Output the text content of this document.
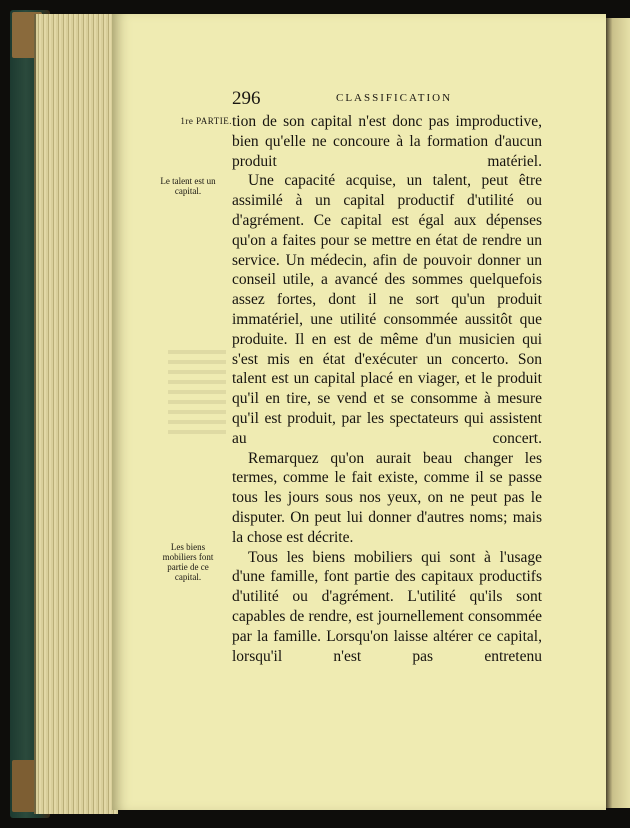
296	CLASSIFICATION
1re PARTIE.
Le talent est un capital.
Les biens mobiliers font partie de ce capital.

tion de son capital n'est donc pas improductive, bien qu'elle ne concoure à la formation d'aucun produit matériel.

Une capacité acquise, un talent, peut être assimilé à un capital productif d'utilité ou d'agrément. Ce capital est égal aux dépenses qu'on a faites pour se mettre en état de rendre un service. Un médecin, afin de pouvoir donner un conseil utile, a avancé des sommes quelquefois assez fortes, dont il ne sort qu'un produit immatériel, une utilité consommée aussitôt que produite. Il en est de même d'un musicien qui s'est mis en état d'exécuter un concerto. Son talent est un capital placé en viager, et le produit qu'il en tire, se vend et se consomme à mesure qu'il est produit, par les spectateurs qui assistent au concert.

Remarquez qu'on aurait beau changer les termes, comme le fait existe, comme il se passe tous les jours sous nos yeux, on ne peut pas le disputer. On peut lui donner d'autres noms; mais la chose est décrite.

Tous les biens mobiliers qui sont à l'usage d'une famille, font partie des capitaux productifs d'utilité ou d'agrément. L'utilité qu'ils sont capables de rendre, est journellement consommée par la famille. Lorsqu'on laisse altérer ce capital, lorsqu'il n'est pas entretenu
